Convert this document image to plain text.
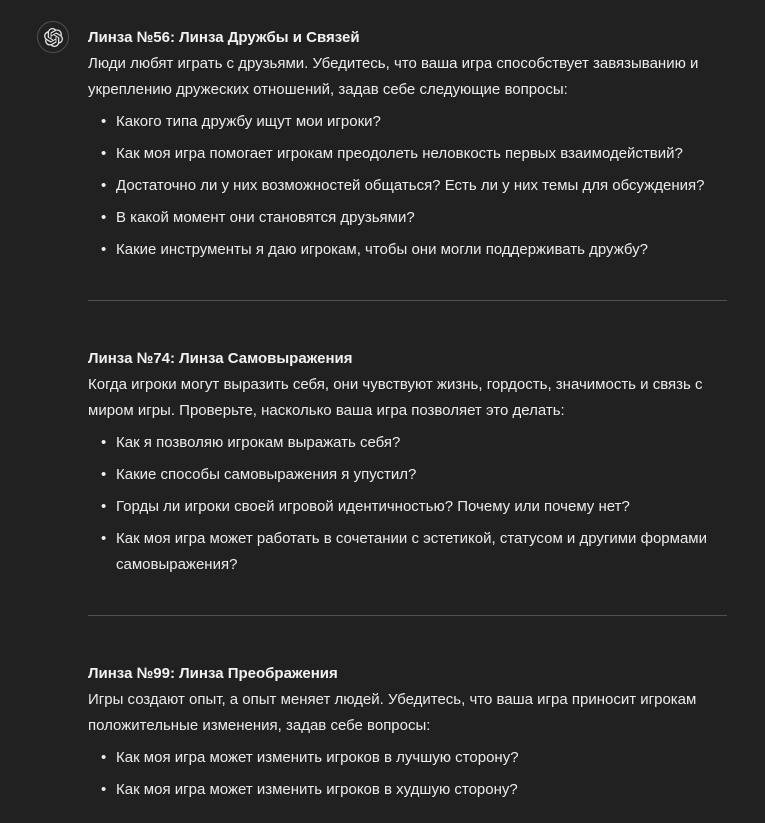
Линза №56: Линза Дружбы и Связей

Люди любят играть с друзьями. Убедитесь, что ваша игра способствует завязыванию и укреплению дружеских отношений, задав себе следующие вопросы:

• Какого типа дружбу ищут мои игроки?
• Как моя игра помогает игрокам преодолеть неловкость первых взаимодействий?
• Достаточно ли у них возможностей общаться? Есть ли у них темы для обсуждения?
• В какой момент они становятся друзьями?
• Какие инструменты я даю игрокам, чтобы они могли поддерживать дружбу?
Линза №74: Линза Самовыражения

Когда игроки могут выразить себя, они чувствуют жизнь, гордость, значимость и связь с миром игры. Проверьте, насколько ваша игра позволяет это делать:

• Как я позволяю игрокам выражать себя?
• Какие способы самовыражения я упустил?
• Горды ли игроки своей игровой идентичностью? Почему или почему нет?
• Как моя игра может работать в сочетании с эстетикой, статусом и другими формами самовыражения?
Линза №99: Линза Преображения

Игры создают опыт, а опыт меняет людей. Убедитесь, что ваша игра приносит игрокам положительные изменения, задав себе вопросы:

• Как моя игра может изменить игроков в лучшую сторону?
• Как моя игра может изменить игроков в худшую сторону?
